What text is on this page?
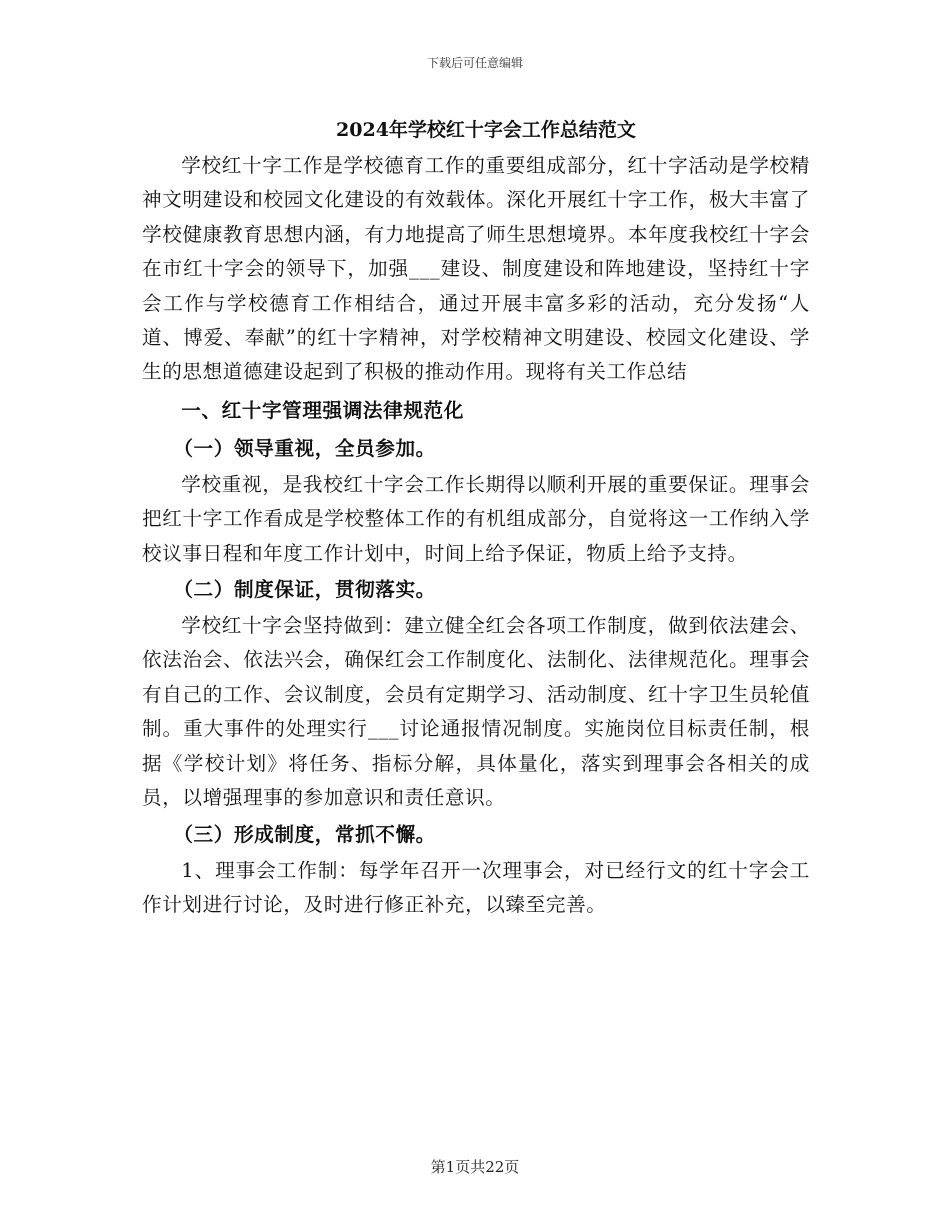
下载后可任意编辑
2024年学校红十字会工作总结范文

学校红十字工作是学校德育工作的重要组成部分，红十字活动是学校精神文明建设和校园文化建设的有效载体。深化开展红十字工作，极大丰富了学校健康教育思想内涵，有力地提高了师生思想境界。本年度我校红十字会在市红十字会的领导下，加强___建设、制度建设和阵地建设，坚持红十字会工作与学校德育工作相结合，通过开展丰富多彩的活动，充分发扬“人道、博爱、奉献”的红十字精神，对学校精神文明建设、校园文化建设、学生的思想道德建设起到了积极的推动作用。现将有关工作总结

一、红十字管理强调法律规范化
（一）领导重视，全员参加。

学校重视，是我校红十字会工作长期得以顺利开展的重要保证。理事会把红十字工作看成是学校整体工作的有机组成部分，自觉将这一工作纳入学校议事日程和年度工作计划中，时间上给予保证，物质上给予支持。

（二）制度保证，贯彻落实。

学校红十字会坚持做到：建立健全红会各项工作制度，做到依法建会、依法治会、依法兴会，确保红会工作制度化、法制化、法律规范化。理事会有自己的工作、会议制度，会员有定期学习、活动制度、红十字卫生员轮值制。重大事件的处理实行___讨论通报情况制度。实施岗位目标责任制，根据《学校计划》将任务、指标分解，具体量化，落实到理事会各相关的成员，以增强理事的参加意识和责任意识。

（三）形成制度，常抓不懈。

1、理事会工作制：每学年召开一次理事会，对已经行文的红十字会工作计划进行讨论，及时进行修正补充，以臻至完善。

第1页共22页
